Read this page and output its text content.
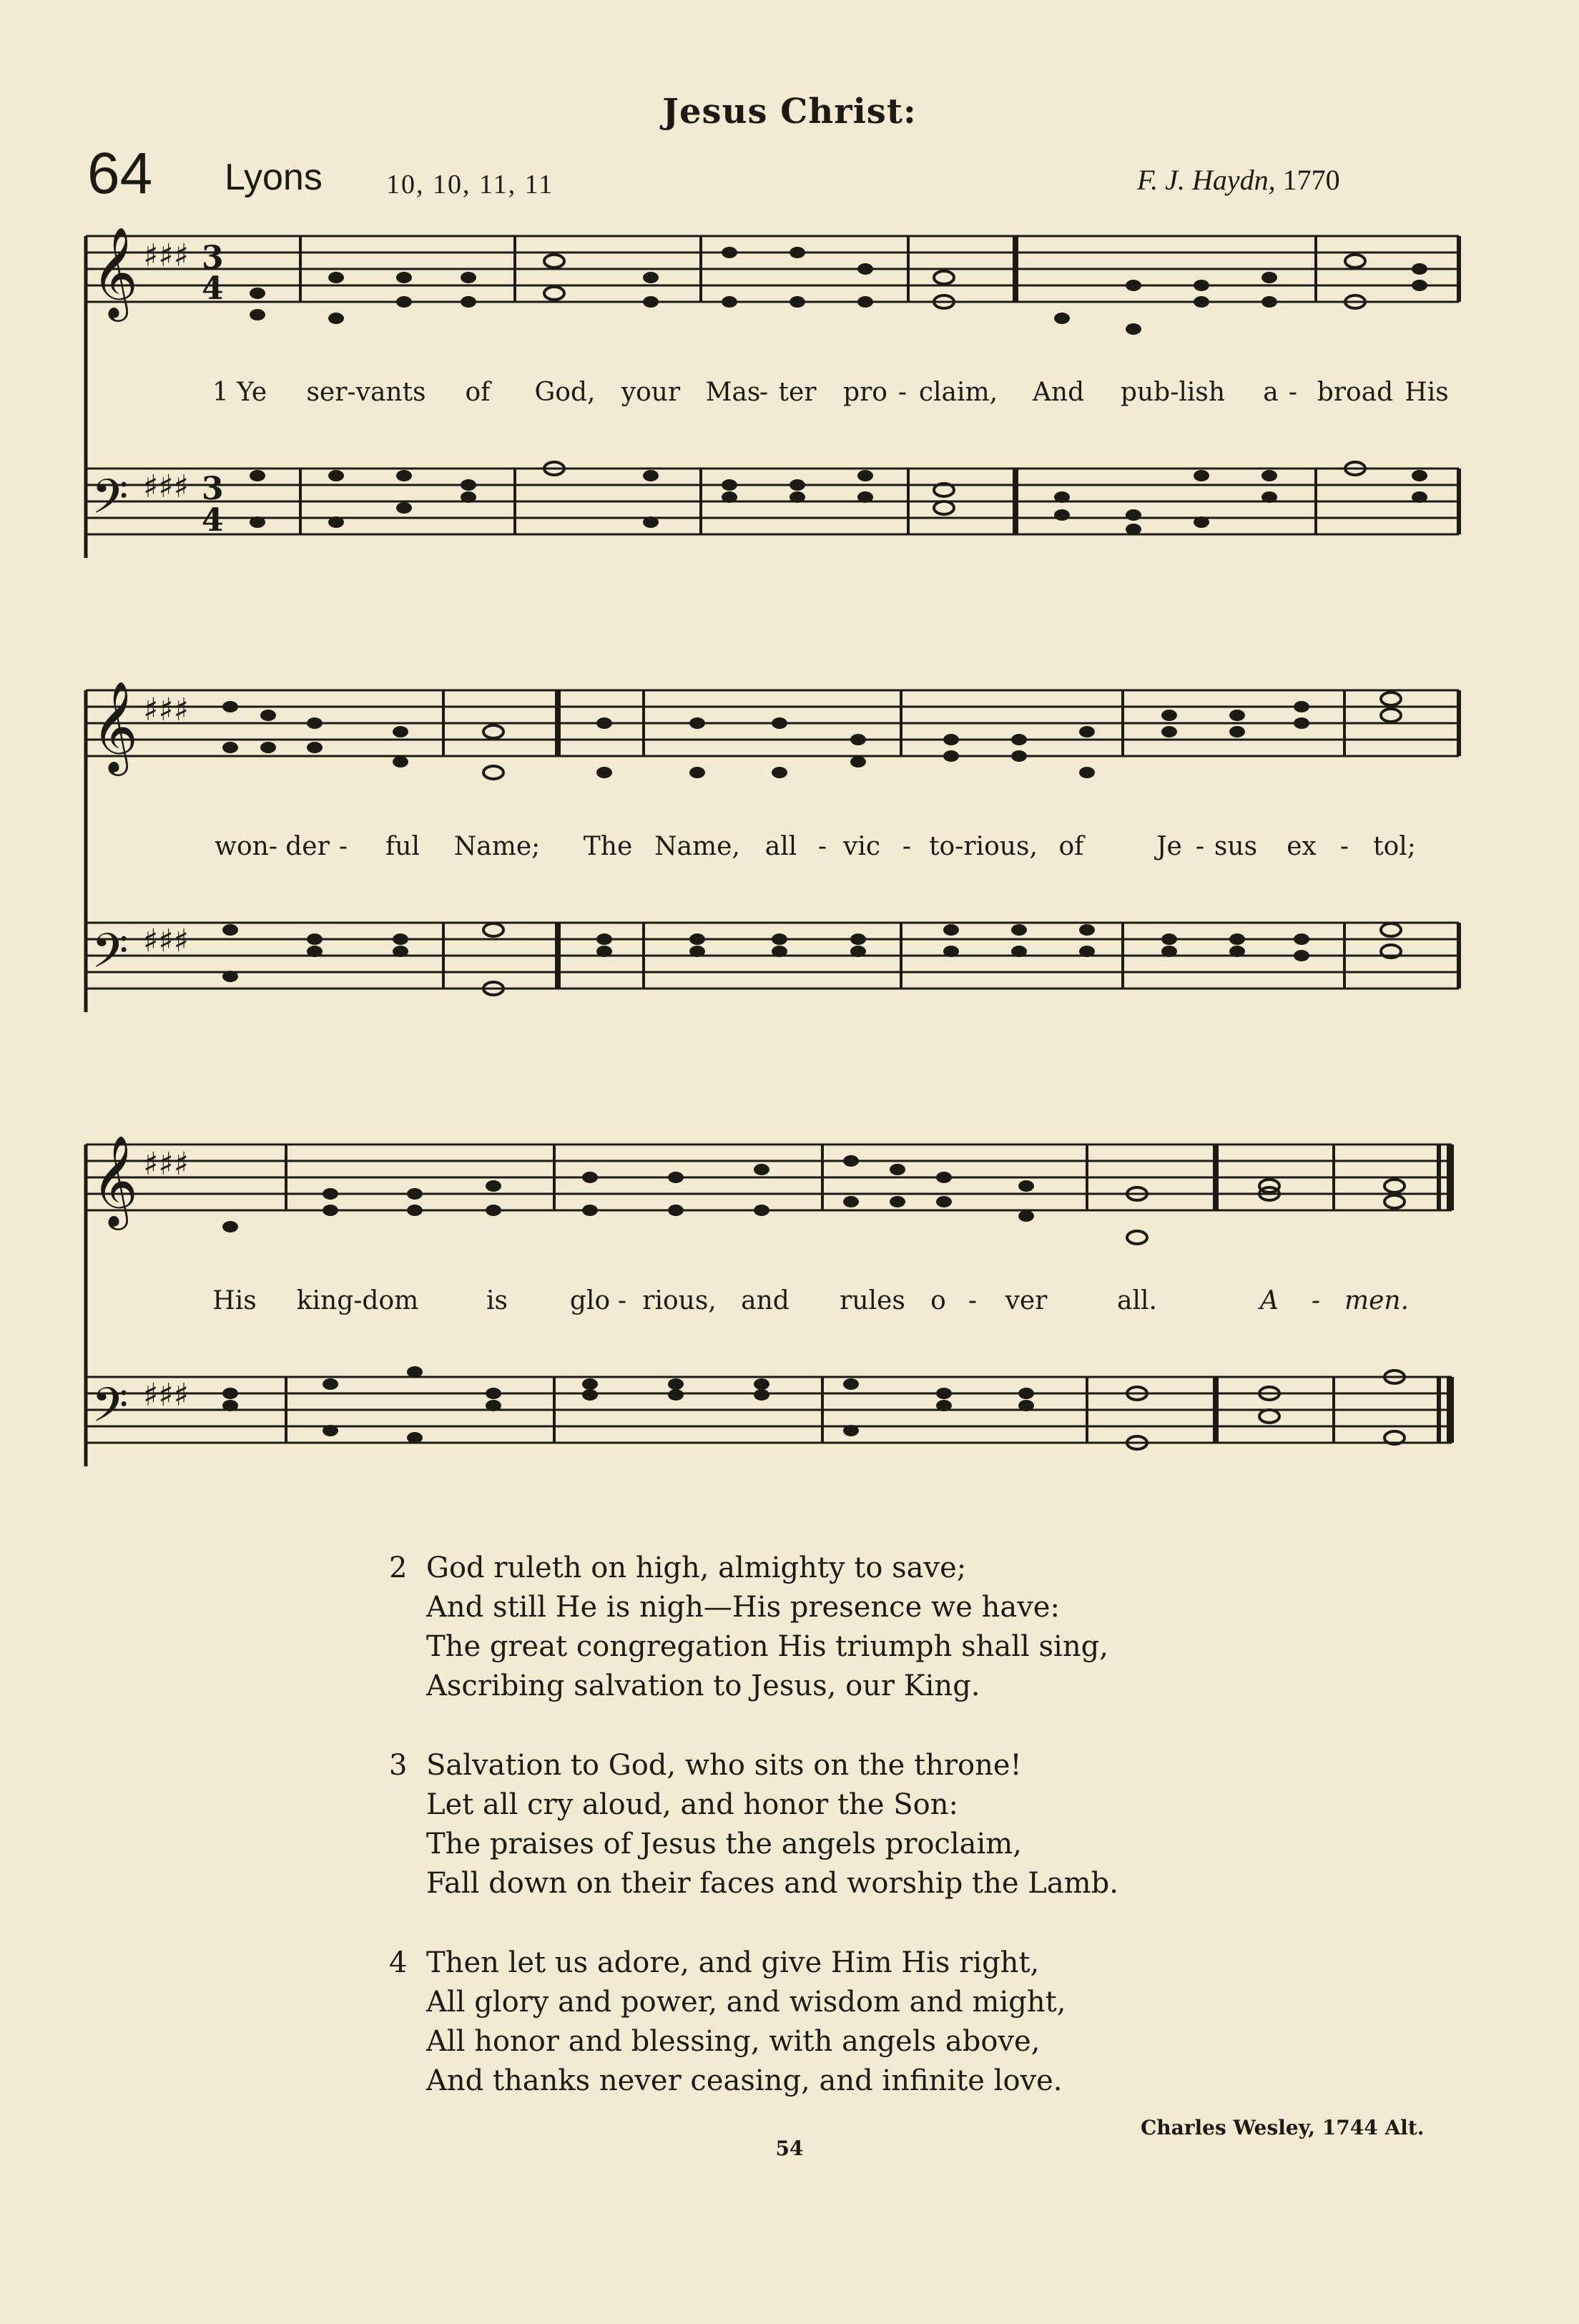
Jesus Christ:
64 Lyons 10, 10, 11, 11	F. J. Haydn, 1770
𝄞
𝄢
♯♯♯
♯♯♯
3
4
3
4
1 Ye ser-vants of God, your Mas
- ter pro - claim, And pub-lish a - broad His
𝄞
𝄢
♯♯♯
♯♯♯
won - der - ful Name; The Name, all - vic - to-rious, of	Je - sus ex - tol;
𝄞
𝄢
♯♯♯
♯♯♯
His king-dom	is glo - rious, and rules o - ver	all.	A - men.
2 God ruleth on high, almighty to save;
And still He is nigh—His presence we have:
The great congregation His triumph shall sing,
Ascribing salvation to Jesus, our King.
3 Salvation to God, who sits on the throne!
Let all cry aloud, and honor the Son:
The praises of Jesus the angels proclaim,
Fall down on their faces and worship the Lamb.
4 Then let us adore, and give Him His right,
All glory and power, and wisdom and might,
All honor and blessing, with angels above,
And thanks never ceasing, and infinite love.
Charles Wesley, 1744 Alt.
54
